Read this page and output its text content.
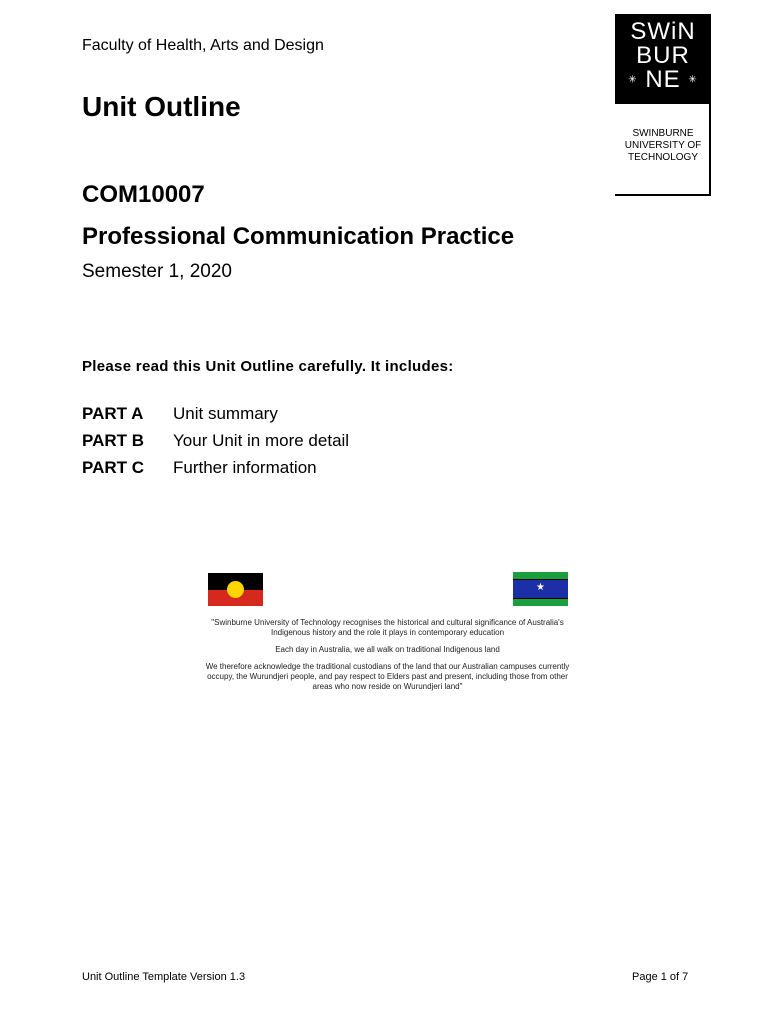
Faculty of Health, Arts and Design
Unit Outline
COM10007
Professional Communication Practice
Semester 1, 2020
Please read this Unit Outline carefully. It includes:
PART A	Unit summary
PART B	Your Unit in more detail
PART C	Further information
SWiN
BUR
✳ NE ✳
SWINBURNE
UNIVERSITY OF
TECHNOLOGY
★

"Swinburne University of Technology recognises the historical and cultural significance of Australia's Indigenous history and the role it plays in contemporary education

Each day in Australia, we all walk on traditional Indigenous land

We therefore acknowledge the traditional custodians of the land that our Australian campuses currently occupy, the Wurundjeri people, and pay respect to Elders past and present, including those from other areas who now reside on Wurundjeri land"

Unit Outline Template Version 1.3	Page 1 of 7
